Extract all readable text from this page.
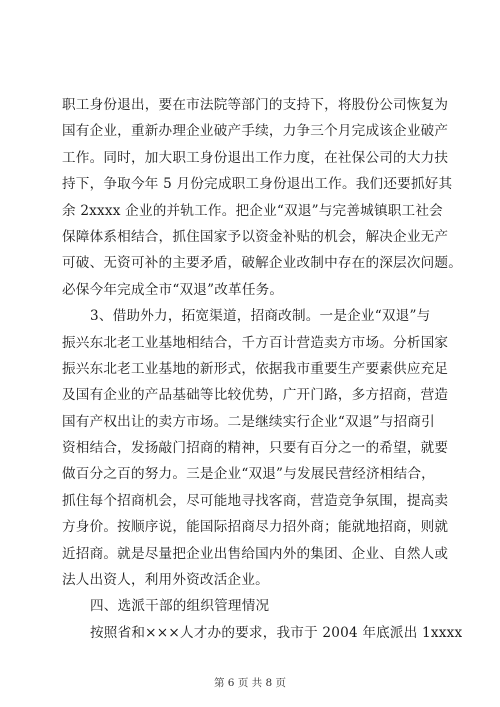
职工身份退出，要在市法院等部门的支持下，将股份公司恢复为
国有企业，重新办理企业破产手续，力争三个月完成该企业破产
工作。同时，加大职工身份退出工作力度，在社保公司的大力扶
持下，争取今年 5 月份完成职工身份退出工作。我们还要抓好其
余 2xxxx 企业的并轨工作。把企业“双退”与完善城镇职工社会
保障体系相结合，抓住国家予以资金补贴的机会，解决企业无产
可破、无资可补的主要矛盾，破解企业改制中存在的深层次问题。
必保今年完成全市“双退”改革任务。
3、借助外力，拓宽渠道，招商改制。一是企业“双退”与
振兴东北老工业基地相结合，千方百计营造卖方市场。分析国家
振兴东北老工业基地的新形式，依据我市重要生产要素供应充足
及国有企业的产品基础等比较优势，广开门路，多方招商，营造
国有产权出让的卖方市场。二是继续实行企业“双退”与招商引
资相结合，发扬敲门招商的精神，只要有百分之一的希望，就要
做百分之百的努力。三是企业“双退”与发展民营经济相结合，
抓住每个招商机会，尽可能地寻找客商，营造竞争氛围，提高卖
方身价。按顺序说，能国际招商尽力招外商；能就地招商，则就
近招商。就是尽量把企业出售给国内外的集团、企业、自然人或
法人出资人，利用外资改活企业。
四、选派干部的组织管理情况
按照省和×××人才办的要求，我市于 2004 年底派出 1xxxx
第 6 页 共 8 页
